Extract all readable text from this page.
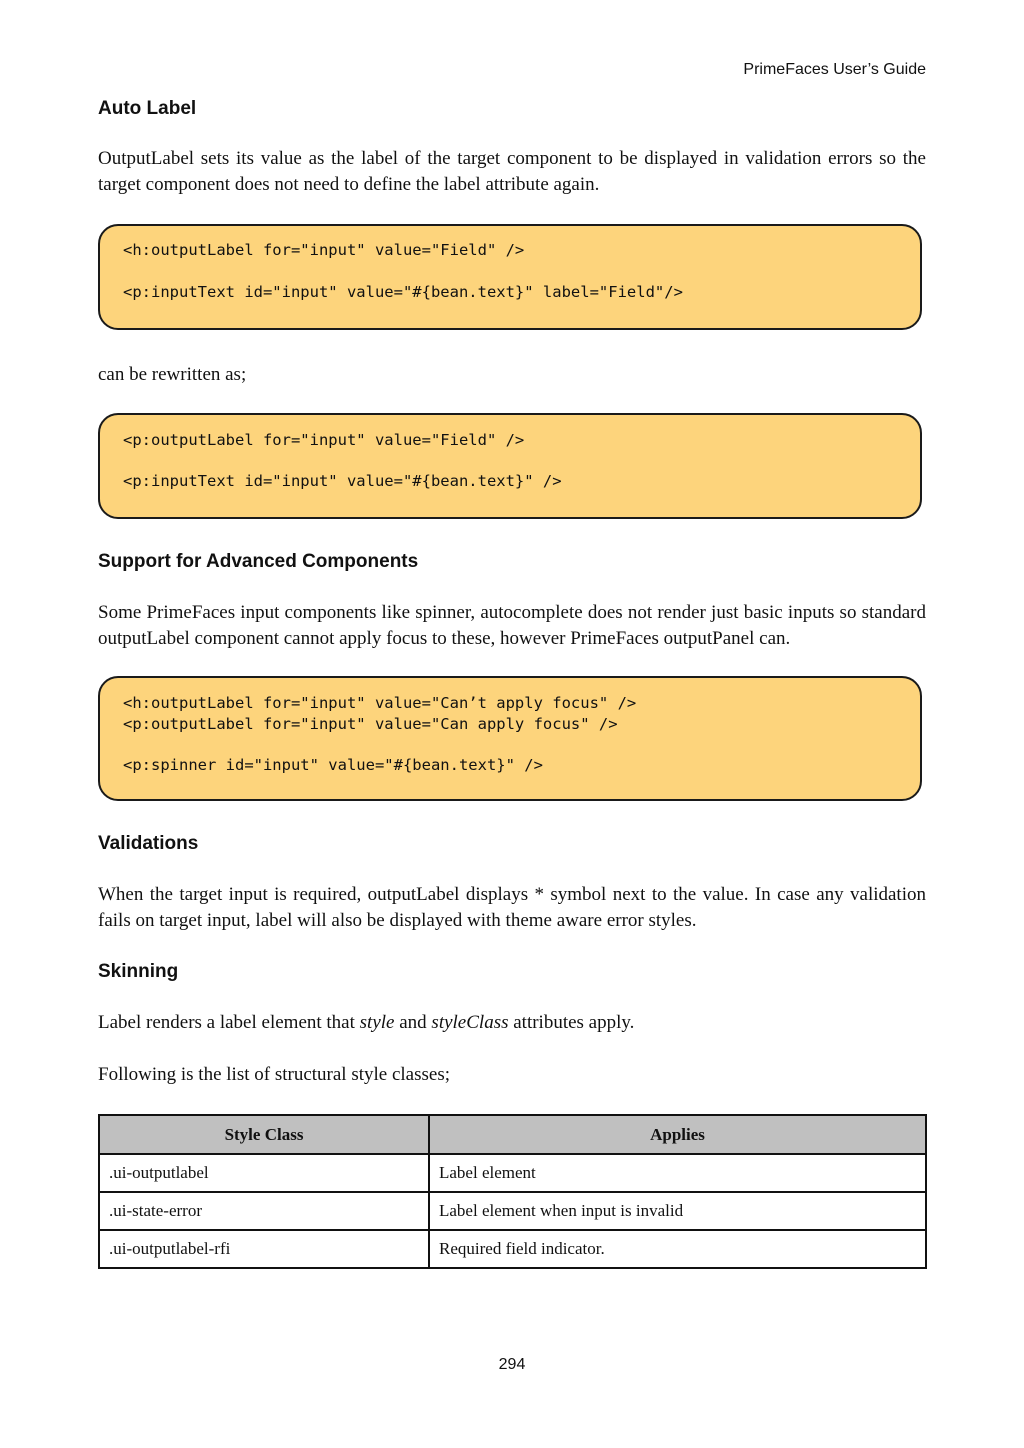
PrimeFaces User’s Guide
Auto Label
OutputLabel sets its value as the label of the target component to be displayed in validation errors so the target component does not need to define the label attribute again.
<h:outputLabel for="input" value="Field" />
<p:inputText id="input" value="#{bean.text}" label="Field"/>
can be rewritten as;
<p:outputLabel for="input" value="Field" />
<p:inputText id="input" value="#{bean.text}" />
Support for Advanced Components
Some PrimeFaces input components like spinner, autocomplete does not render just basic inputs so standard outputLabel component cannot apply focus to these, however PrimeFaces outputPanel can.
<h:outputLabel for="input" value="Can’t apply focus" />
<p:outputLabel for="input" value="Can apply focus" />
<p:spinner id="input" value="#{bean.text}" />
Validations
When the target input is required, outputLabel displays * symbol next to the value. In case any validation fails on target input, label will also be displayed with theme aware error styles.
Skinning
Label renders a label element that style and styleClass attributes apply.
Following is the list of structural style classes;
Style Class	Applies
.ui-outputlabel	Label element
.ui-state-error	Label element when input is invalid
.ui-outputlabel-rfi	Required field indicator.
294
